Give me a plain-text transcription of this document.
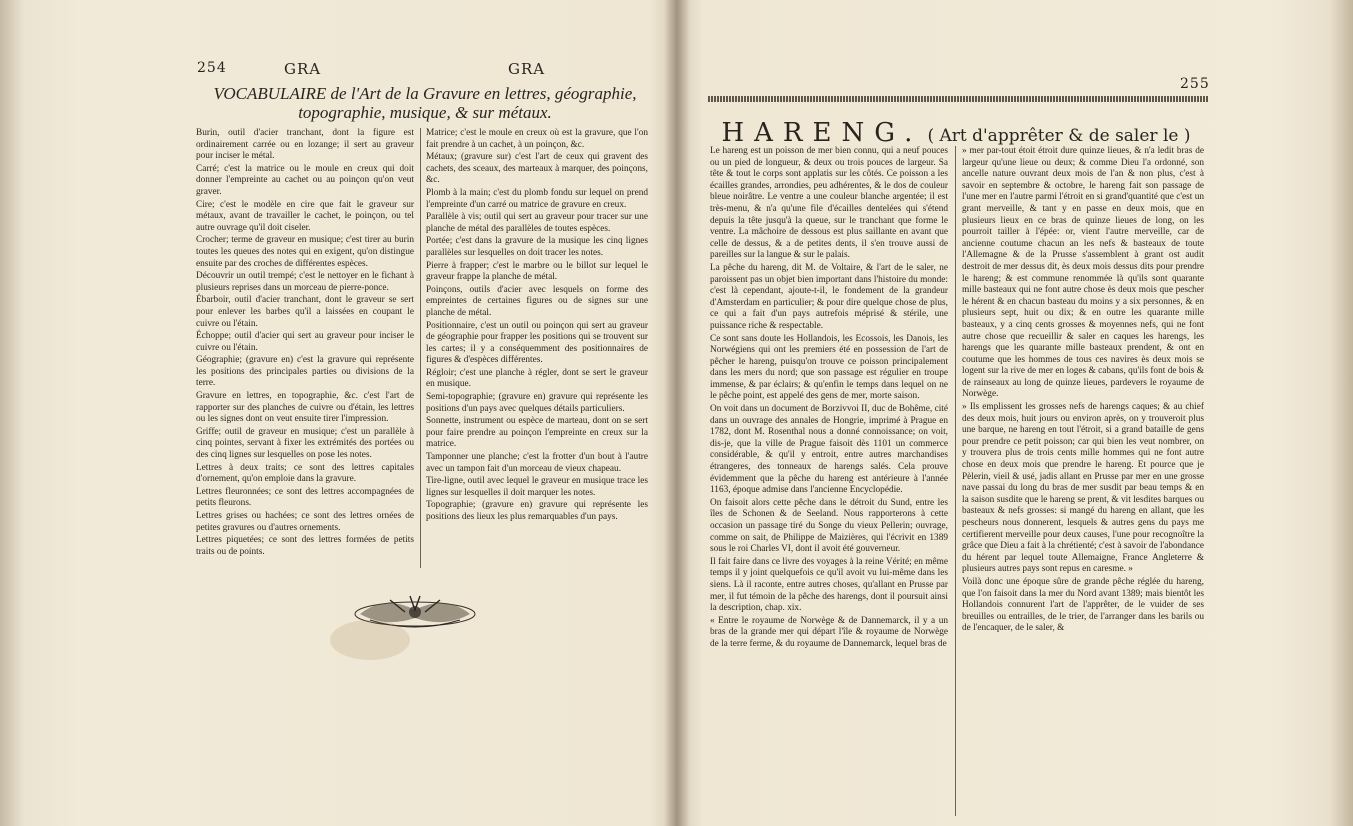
254	GRA	GRA
VOCABULAIRE de l'Art de la Gravure en lettres, géographie, topographie, musique, & sur métaux.

Burin, outil d'acier tranchant, dont la figure est ordinairement carrée ou en lozange; il sert au graveur pour inciser le métal.

Carré; c'est la matrice ou le moule en creux qui doit donner l'empreinte au cachet ou au poinçon qu'on veut graver.

Cire; c'est le modèle en cire que fait le graveur sur métaux, avant de travailler le cachet, le poinçon, ou tel autre ouvrage qu'il doit ciseler.

Crocher; terme de graveur en musique; c'est tirer au burin toutes les queues des notes qui en exigent, qu'on distingue ensuite par des croches de différentes espèces.

Découvrir un outil trempé; c'est le nettoyer en le fichant à plusieurs reprises dans un morceau de pierre-ponce.

Ébarboir, outil d'acier tranchant, dont le graveur se sert pour enlever les barbes qu'il a laissées en coupant le cuivre ou l'étain.

Échoppe; outil d'acier qui sert au graveur pour inciser le cuivre ou l'étain.

Géographie; (gravure en) c'est la gravure qui représente les positions des principales parties ou divisions de la terre.

Gravure en lettres, en topographie, &c. c'est l'art de rapporter sur des planches de cuivre ou d'étain, les lettres ou les signes dont on veut ensuite tirer l'impression.

Griffe; outil de graveur en musique; c'est un parallèle à cinq pointes, servant à fixer les extrémités des portées ou des cinq lignes sur lesquelles on pose les notes.

Lettres à deux traits; ce sont des lettres capitales d'ornement, qu'on emploie dans la gravure.

Lettres fleuronnées; ce sont des lettres accompagnées de petits fleurons.

Lettres grises ou hachées; ce sont des lettres ornées de petites gravures ou d'autres ornements.

Lettres piquetées; ce sont des lettres formées de petits traits ou de points.

Matrice; c'est le moule en creux où est la gravure, que l'on fait prendre à un cachet, à un poinçon, &c.

Métaux; (gravure sur) c'est l'art de ceux qui gravent des cachets, des sceaux, des marteaux à marquer, des poinçons, &c.

Plomb à la main; c'est du plomb fondu sur lequel on prend l'empreinte d'un carré ou matrice de gravure en creux.

Parallèle à vis; outil qui sert au graveur pour tracer sur une planche de métal des parallèles de toutes espèces.

Portée; c'est dans la gravure de la musique les cinq lignes parallèles sur lesquelles on doit tracer les notes.

Pierre à frapper; c'est le marbre ou le billot sur lequel le graveur frappe la planche de métal.

Poinçons, outils d'acier avec lesquels on forme des empreintes de certaines figures ou de signes sur une planche de métal.

Positionnaire, c'est un outil ou poinçon qui sert au graveur de géographie pour frapper les positions qui se trouvent sur les cartes; il y a conséquemment des positionnaires de figures & d'espèces différentes.

Régloir; c'est une planche à régler, dont se sert le graveur en musique.

Semi-topographie; (gravure en) gravure qui représente les positions d'un pays avec quelques détails particuliers.

Sonnette, instrument ou espèce de marteau, dont on se sert pour faire prendre au poinçon l'empreinte en creux sur la matrice.

Tamponner une planche; c'est la frotter d'un bout à l'autre avec un tampon fait d'un morceau de vieux chapeau.

Tire-ligne, outil avec lequel le graveur en musique trace les lignes sur lesquelles il doit marquer les notes.

Topographie; (gravure en) gravure qui représente les positions des lieux les plus remarquables d'un pays.

255
HARENG. ( Art d'apprêter & de saler le )

Le hareng est un poisson de mer bien connu, qui a neuf pouces ou un pied de longueur, & deux ou trois pouces de largeur. Sa tête & tout le corps sont applatis sur les côtés. Ce poisson a les écailles grandes, arrondies, peu adhérentes, & le dos de couleur bleue noirâtre. Le ventre a une couleur blanche argentée; il est très-menu, & n'a qu'une file d'écailles dentelées qui s'étend depuis la tête jusqu'à la queue, sur le tranchant que forme le ventre. La mâchoire de dessous est plus saillante en avant que celle de dessus, & a de petites dents, il s'en trouve aussi de pareilles sur la langue & sur le palais.

La pêche du hareng, dit M. de Voltaire, & l'art de le saler, ne paroissent pas un objet bien important dans l'histoire du monde: c'est là cependant, ajoute-t-il, le fondement de la grandeur d'Amsterdam en particulier; & pour dire quelque chose de plus, ce qui a fait d'un pays autrefois méprisé & stérile, une puissance riche & respectable.

Ce sont sans doute les Hollandois, les Ecossois, les Danois, les Norwégiens qui ont les premiers été en possession de l'art de pêcher le hareng, puisqu'on trouve ce poisson principalement dans les mers du nord; que son passage est régulier en troupe immense, & par éclairs; & qu'enfin le temps dans lequel on ne le pêche point, est appelé des gens de mer, morte saison.

On voit dans un document de Borzivvoi II, duc de Bohême, cité dans un ouvrage des annales de Hongrie, imprimé à Prague en 1782, dont M. Rosenthal nous a donné connoissance; on voit, dis-je, que la ville de Prague faisoit dès 1101 un commerce considérable, & qu'il y entroit, entre autres marchandises étrangeres, des tonneaux de harengs salés. Cela prouve évidemment que la pêche du hareng est antérieure à l'année 1163, époque admise dans l'ancienne Encyclopédie.

On faisoit alors cette pêche dans le détroit du Sund, entre les îles de Schonen & de Seeland. Nous rapporterons à cette occasion un passage tiré du Songe du vieux Pellerin; ouvrage, comme on sait, de Philippe de Maizières, qui l'écrivit en 1389 sous le roi Charles VI, dont il avoit été gouverneur.

Il fait faire dans ce livre des voyages à la reine Vérité; en même temps il y joint quelquefois ce qu'il avoit vu lui-même dans les siens. Là il raconte, entre autres choses, qu'allant en Prusse par mer, il fut témoin de la pêche des harengs, dont il poursuit ainsi la description, chap. xix.

« Entre le royaume de Norwège & de Dannemarck, il y a un bras de la grande mer qui départ l'île & royaume de Norwège de la terre ferme, & du royaume de Dannemarck, lequel bras de

» mer par-tout étoit étroit dure quinze lieues, & n'a ledit bras de largeur qu'une lieue ou deux; & comme Dieu l'a ordonné, son ancelle nature ouvrant deux mois de l'an & non plus, c'est à savoir en septembre & octobre, le hareng fait son passage de l'une mer en l'autre parmi l'étroit en si grand'quantité que c'est un grant merveille, & tant y en passe en deux mois, que en plusieurs lieux en ce bras de quinze lieues de long, on les pourroit tailler à l'épée: or, vient l'autre merveille, car de ancienne coutume chacun an les nefs & basteaux de toute l'Allemagne & de la Prusse s'assemblent à grant ost audit destroit de mer dessus dit, ès deux mois dessus dits pour prendre le hareng; & est commune renommée là qu'ils sont quarante mille basteaux qui ne font autre chose ès deux mois que pescher le hérent & en chacun basteau du moins y a six personnes, & en plusieurs sept, huit ou dix; & en outre les quarante mille basteaux, y a cinq cents grosses & moyennes nefs, qui ne font autre chose que recueillir & saler en caques les harengs, les harengs que les quarante mille basteaux prendent, & ont en coutume que les hommes de tous ces navires ès deux mois se logent sur la rive de mer en loges & cabans, qu'ils font de bois & de rainseaux au long de quinze lieues, pardevers le royaume de Norwège.

» Ils emplissent les grosses nefs de harengs caques; & au chief des deux mois, huit jours ou environ après, on y trouveroit plus une barque, ne hareng en tout l'étroit, si a grand bataille de gens pour prendre ce petit poisson; car qui bien les veut nombrer, on y trouvera plus de trois cents mille hommes qui ne font autre chose en deux mois que prendre le hareng. Et pource que je Pèlerin, vieil & usé, jadis allant en Prusse par mer en une grosse nave passai du long du bras de mer susdit par beau temps & en la saison susdite que le hareng se prent, & vit lesdites barques ou basteaux & nefs grosses: si mangé du hareng en allant, que les pescheurs nous donnerent, lesquels & autres gens du pays me certifierent merveille pour deux causes, l'une pour recognoître la grâce que Dieu a fait à la chrétienté; c'est à savoir de l'abondance du hérent par lequel toute Allemaigne, France Angleterre & plusieurs autres pays sont repus en caresme. »

Voilà donc une époque sûre de grande pêche réglée du hareng, que l'on faisoit dans la mer du Nord avant 1389; mais bientôt les Hollandois connurent l'art de l'apprêter, de le vuider de ses breuilles ou entrailles, de le trier, de l'arranger dans les barils ou de l'encaquer, de le saler, &
